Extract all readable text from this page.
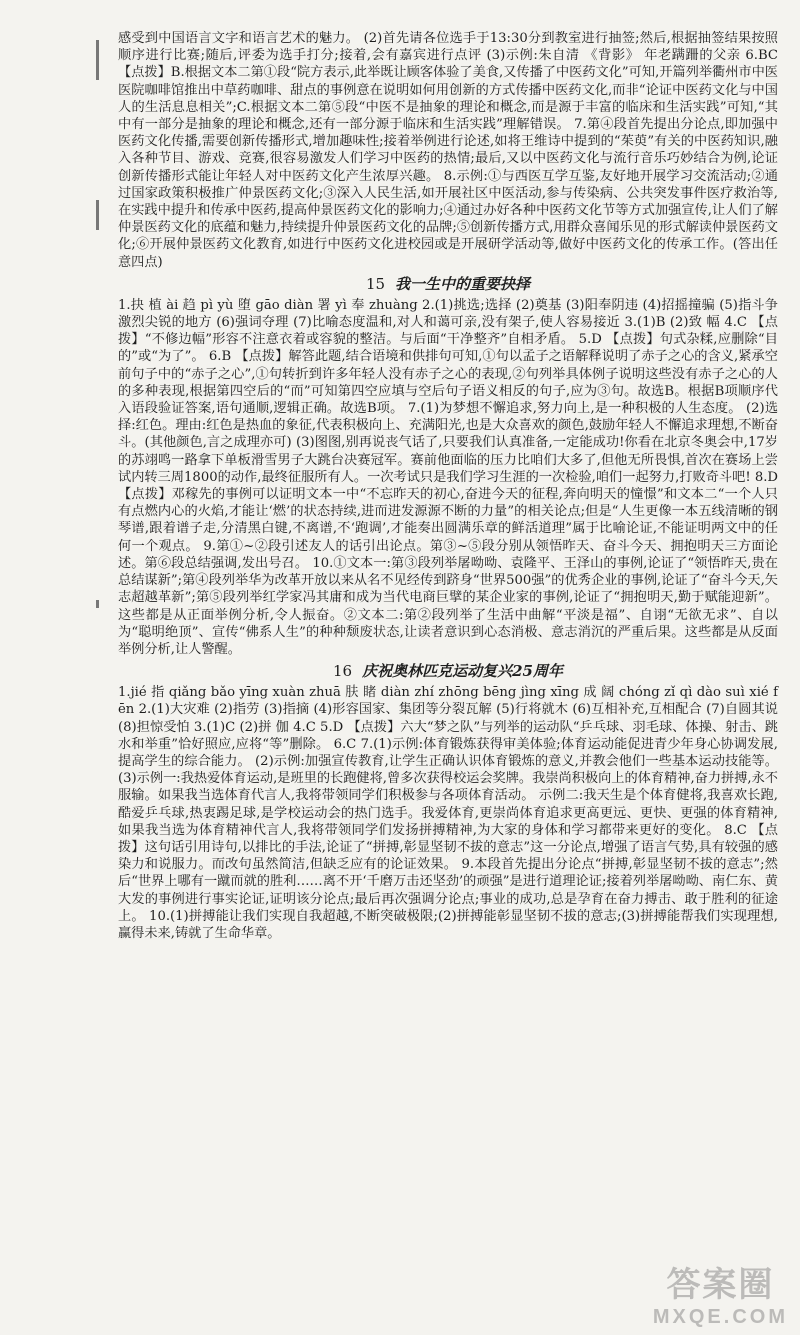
感受到中国语言文字和语言艺术的魅力。 (2)首先请各位选手于13:30分到教室进行抽签;然后,根据抽签结果按照顺序进行比赛;随后,评委为选手打分;接着,会有嘉宾进行点评 (3)示例:朱自清 《背影》 年老蹒跚的父亲 6.BC 【点拨】B.根据文本二第①段“院方表示,此举既让顾客体验了美食,又传播了中医药文化”可知,开篇列举衢州市中医医院咖啡馆推出中草药咖啡、甜点的事例意在说明如何用创新的方式传播中医药文化,而非“论证中医药文化与中国人的生活息息相关”;C.根据文本二第⑤段“中医不是抽象的理论和概念,而是源于丰富的临床和生活实践”可知,“其中有一部分是抽象的理论和概念,还有一部分源于临床和生活实践”理解错误。 7.第④段首先提出分论点,即加强中医药文化传播,需要创新传播形式,增加趣味性;接着举例进行论述,如将王维诗中提到的“茱萸”有关的中医药知识,融入各种节目、游戏、竞赛,很容易激发人们学习中医药的热情;最后,又以中医药文化与流行音乐巧妙结合为例,论证创新传播形式能让年轻人对中医药文化产生浓厚兴趣。 8.示例:①与西医互学互鉴,友好地开展学习交流活动;②通过国家政策积极推广仲景医药文化;③深入人民生活,如开展社区中医活动,参与传染病、公共突发事件医疗救治等,在实践中提升和传承中医药,提高仲景医药文化的影响力;④通过办好各种中医药文化节等方式加强宣传,让人们了解仲景医药文化的底蕴和魅力,持续提升仲景医药文化的品牌;⑤创新传播方式,用群众喜闻乐见的形式解读仲景医药文化;⑥开展仲景医药文化教育,如进行中医药文化进校园或是开展研学活动等,做好中医药文化的传承工作。(答出任意四点)

15 我一生中的重要抉择

1.抉 植 ài 趋 pì yù 堕 gāo diàn 署 yì 奉 zhuàng 2.(1)挑选;选择 (2)奠基 (3)阳奉阴违 (4)招摇撞骗 (5)指斗争激烈尖锐的地方 (6)强词夺理 (7)比喻态度温和,对人和蔼可亲,没有架子,使人容易接近 3.(1)B (2)致 幅 4.C 【点拨】“不修边幅”形容不注意衣着或容貌的整洁。与后面“干净整齐”自相矛盾。 5.D 【点拨】句式杂糅,应删除“目的”或“为了”。 6.B 【点拨】解答此题,结合语境和供排句可知,①句以孟子之语解释说明了赤子之心的含义,紧承空前句子中的“赤子之心”,①句转折到许多年轻人没有赤子之心的表现,②句列举具体例子说明这些没有赤子之心的人的多种表现,根据第四空后的“而”可知第四空应填与空后句子语义相反的句子,应为③句。故选B。根据B项顺序代入语段验证答案,语句通顺,逻辑正确。故选B项。 7.(1)为梦想不懈追求,努力向上,是一种积极的人生态度。 (2)选择:红色。理由:红色是热血的象征,代表积极向上、充满阳光,也是大众喜欢的颜色,鼓励年轻人不懈追求理想,不断奋斗。(其他颜色,言之成理亦可) (3)图图,别再说丧气话了,只要我们认真准备,一定能成功!你看在北京冬奥会中,17岁的苏翊鸣一路拿下单板滑雪男子大跳台决赛冠军。赛前他面临的压力比咱们大多了,但他无所畏惧,首次在赛场上尝试内转三周1800的动作,最终征服所有人。一次考试只是我们学习生涯的一次检验,咱们一起努力,打败奇斗吧! 8.D 【点拨】邓稼先的事例可以证明文本一中“不忘昨天的初心,奋进今天的征程,奔向明天的憧憬”和文本二“一个人只有点燃内心的火焰,才能让‘燃’的状态持续,进而进发源源不断的力量”的相关论点;但是“人生更像一本五线清晰的钢琴谱,跟着谱子走,分清黑白键,不离谱,不‘跑调’,才能奏出圆满乐章的鲜活道理”属于比喻论证,不能证明两文中的任何一个观点。 9.第①~②段引述友人的话引出论点。第③~⑤段分别从领悟昨天、奋斗今天、拥抱明天三方面论述。第⑥段总结强调,发出号召。 10.①文本一:第③段列举屠呦呦、袁隆平、王泽山的事例,论证了“领悟昨天,贵在总结谋新”;第④段列举华为改革开放以来从名不见经传到跻身“世界500强”的优秀企业的事例,论证了“奋斗今天,矢志超越革新”;第⑤段列举红学家冯其庸和成为当代电商巨擘的某企业家的事例,论证了“拥抱明天,勤于赋能迎新”。这些都是从正面举例分析,令人振奋。②文本二:第②段列举了生活中曲解“平淡是福”、自诩“无欲无求”、自以为“聪明绝顶”、宣传“佛系人生”的种种颓废状态,让读者意识到心态消极、意志消沉的严重后果。这些都是从反面举例分析,让人警醒。

16 庆祝奥林匹克运动复兴25周年

1.jié 指 qiǎng bǎo yīng xuàn zhuā 肤 睹 diàn zhí zhōng bēng jìng xīng 成 阔 chóng zǐ qì dào suì xié fēn 2.(1)大灾难 (2)指劳 (3)指摘 (4)形容国家、集团等分裂瓦解 (5)行将就木 (6)互相补充,互相配合 (7)自圆其说 (8)担惊受怕 3.(1)C (2)拼 伽 4.C 5.D 【点拨】六大“梦之队”与列举的运动队“乒乓球、羽毛球、体操、射击、跳水和举重”恰好照应,应将“等”删除。 6.C 7.(1)示例:体育锻炼获得审美体验;体育运动能促进青少年身心协调发展,提高学生的综合能力。 (2)示例:加强宣传教育,让学生正确认识体育锻炼的意义,并教会他们一些基本运动技能等。 (3)示例一:我热爱体育运动,是班里的长跑健将,曾多次获得校运会奖牌。我崇尚积极向上的体育精神,奋力拼搏,永不服输。如果我当选体育代言人,我将带领同学们积极参与各项体育活动。 示例二:我天生是个体育健将,我喜欢长跑,酷爱乒乓球,热衷踢足球,是学校运动会的热门选手。我爱体育,更崇尚体育追求更高更远、更快、更强的体育精神,如果我当选为体育精神代言人,我将带领同学们发扬拼搏精神,为大家的身体和学习都带来更好的变化。 8.C 【点拨】这句话引用诗句,以排比的手法,论证了“拼搏,彰显坚韧不拔的意志”这一分论点,增强了语言气势,具有较强的感染力和说服力。而改句虽然简洁,但缺乏应有的论证效果。 9.本段首先提出分论点“拼搏,彰显坚韧不拔的意志”;然后“世界上哪有一蹴而就的胜利……离不开‘千磨万击还坚劲’的顽强”是进行道理论证;接着列举屠呦呦、南仁东、黄大发的事例进行事实论证,证明该分论点;最后再次强调分论点;事业的成功,总是孕育在奋力搏击、敢于胜利的征途上。 10.(1)拼搏能让我们实现自我超越,不断突破极限;(2)拼搏能彰显坚韧不拔的意志;(3)拼搏能帮我们实现理想,赢得未来,铸就了生命华章。

答案圈
MXQE.COM
